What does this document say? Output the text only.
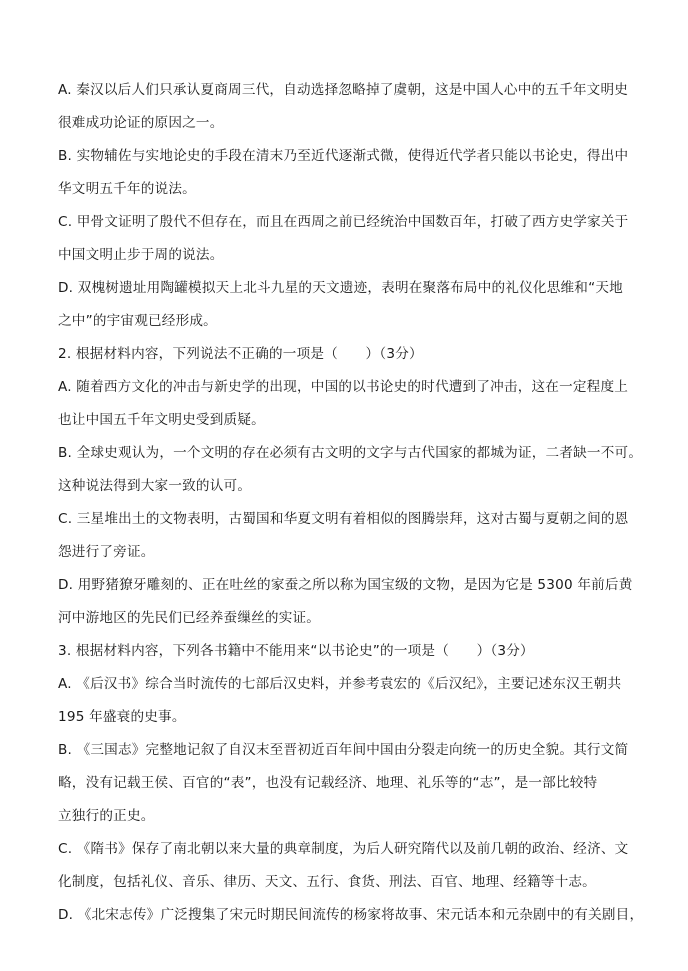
A. 秦汉以后人们只承认夏商周三代，自动选择忽略掉了虞朝，这是中国人心中的五千年文明史
很难成功论证的原因之一。
B. 实物辅佐与实地论史的手段在清末乃至近代逐渐式微，使得近代学者只能以书论史，得出中
华文明五千年的说法。
C. 甲骨文证明了殷代不但存在，而且在西周之前已经统治中国数百年，打破了西方史学家关于
中国文明止步于周的说法。
D. 双槐树遗址用陶罐模拟天上北斗九星的天文遗迹，表明在聚落布局中的礼仪化思维和“天地
之中”的宇宙观已经形成。
2. 根据材料内容，下列说法不正确的一项是（　　）（3分）
A. 随着西方文化的冲击与新史学的出现，中国的以书论史的时代遭到了冲击，这在一定程度上
也让中国五千年文明史受到质疑。
B. 全球史观认为，一个文明的存在必须有古文明的文字与古代国家的都城为证，二者缺一不可。
这种说法得到大家一致的认可。
C. 三星堆出土的文物表明，古蜀国和华夏文明有着相似的图腾崇拜，这对古蜀与夏朝之间的恩
怨进行了旁证。
D. 用野猪獠牙雕刻的、正在吐丝的家蚕之所以称为国宝级的文物，是因为它是 5300 年前后黄
河中游地区的先民们已经养蚕缫丝的实证。
3. 根据材料内容，下列各书籍中不能用来“以书论史”的一项是（　　）（3分）
A. 《后汉书》综合当时流传的七部后汉史料，并参考袁宏的《后汉纪》，主要记述东汉王朝共
195 年盛衰的史事。
B. 《三国志》完整地记叙了自汉末至晋初近百年间中国由分裂走向统一的历史全貌。其行文简
略，没有记载王侯、百官的“表”，也没有记载经济、地理、礼乐等的“志”，是一部比较特
立独行的正史。
C. 《隋书》保存了南北朝以来大量的典章制度，为后人研究隋代以及前几朝的政治、经济、文
化制度，包括礼仪、音乐、律历、天文、五行、食货、刑法、百官、地理、经籍等十志。
D. 《北宋志传》广泛搜集了宋元时期民间流传的杨家将故事、宋元话本和元杂剧中的有关剧目，
